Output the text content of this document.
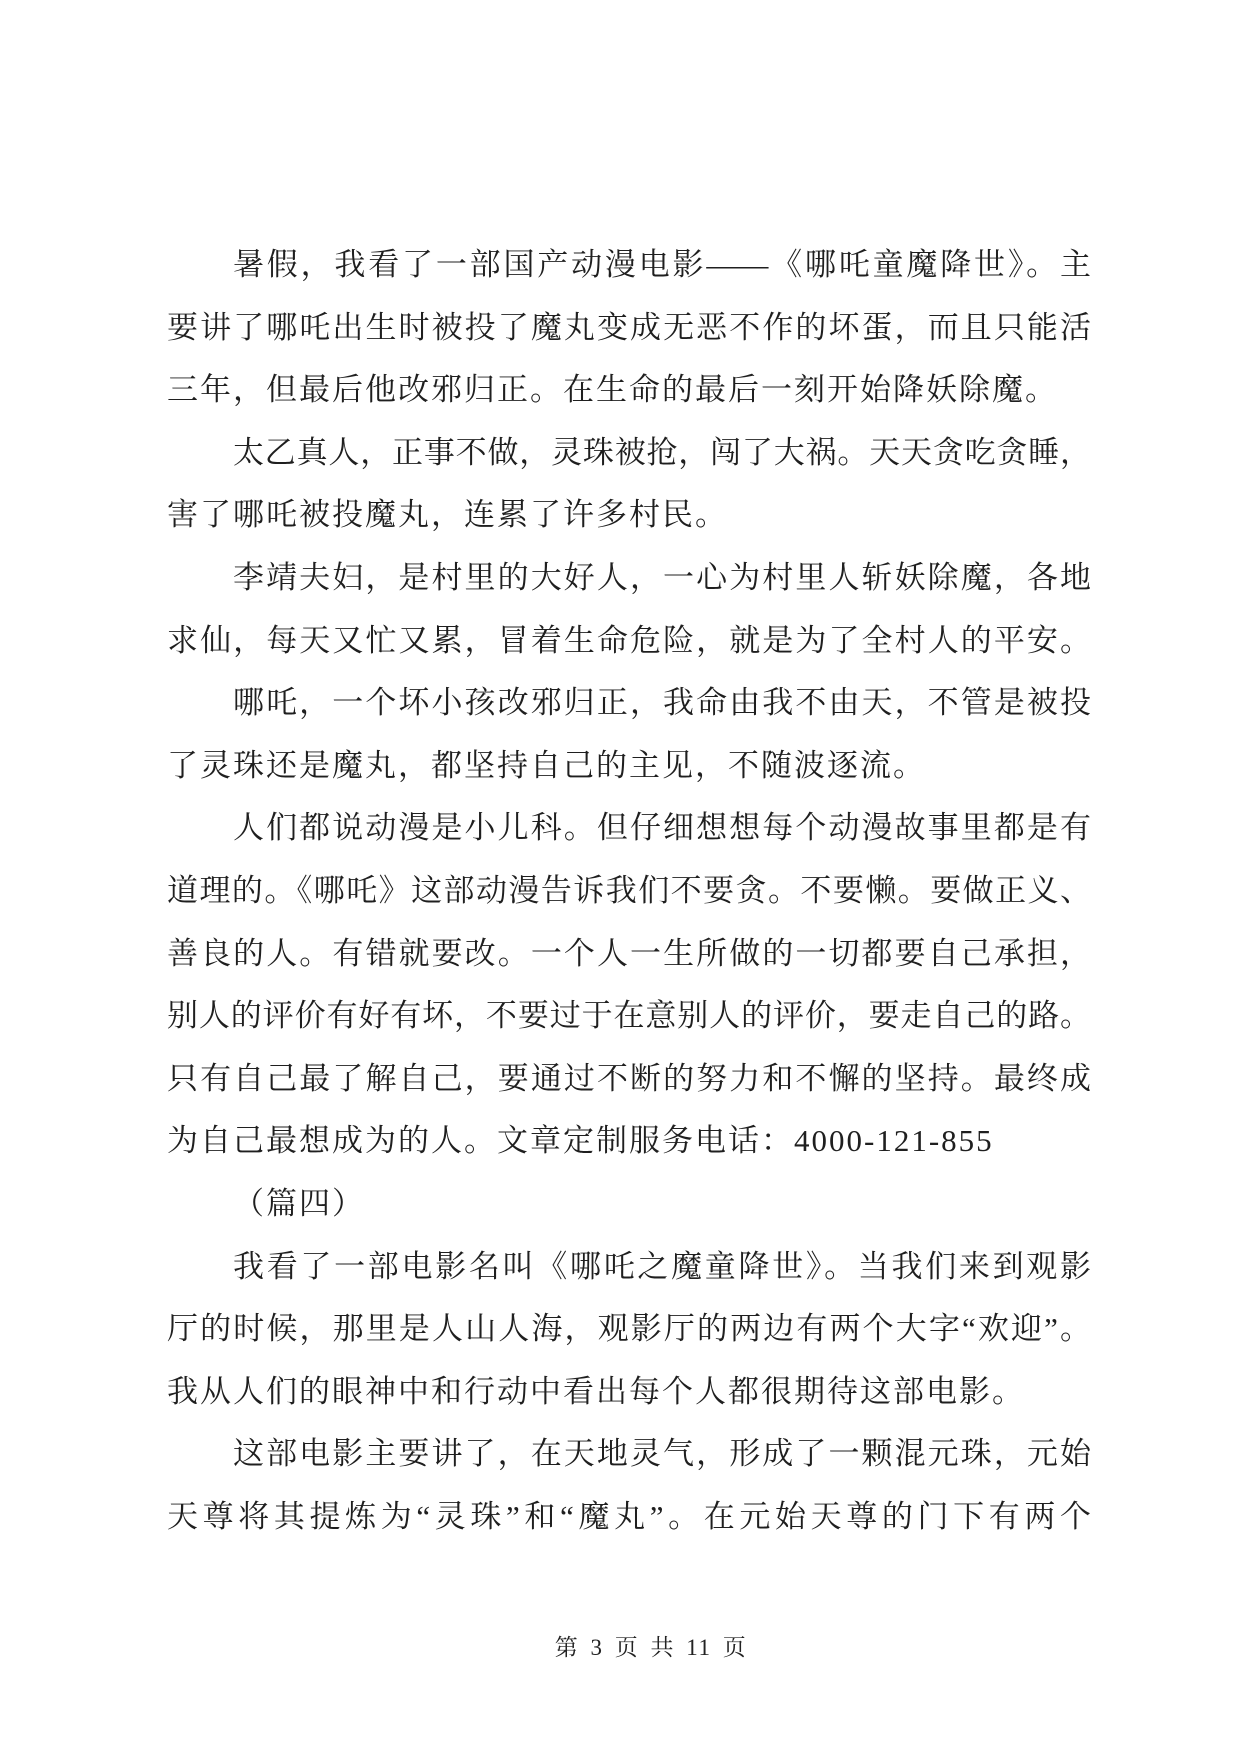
暑假，我看了一部国产动漫电影——《哪吒童魔降世》。主
要讲了哪吒出生时被投了魔丸变成无恶不作的坏蛋，而且只能活
三年，但最后他改邪归正。在生命的最后一刻开始降妖除魔。
太乙真人，正事不做，灵珠被抢，闯了大祸。天天贪吃贪睡，
害了哪吒被投魔丸，连累了许多村民。
李靖夫妇，是村里的大好人，一心为村里人斩妖除魔，各地
求仙，每天又忙又累，冒着生命危险，就是为了全村人的平安。
哪吒，一个坏小孩改邪归正，我命由我不由天，不管是被投
了灵珠还是魔丸，都坚持自己的主见，不随波逐流。
人们都说动漫是小儿科。但仔细想想每个动漫故事里都是有
道理的。《哪吒》这部动漫告诉我们不要贪。不要懒。要做正义、
善良的人。有错就要改。一个人一生所做的一切都要自己承担，
别人的评价有好有坏，不要过于在意别人的评价，要走自己的路。
只有自己最了解自己，要通过不断的努力和不懈的坚持。最终成
为自己最想成为的人。文章定制服务电话：4000-121-855
（篇四）
我看了一部电影名叫《哪吒之魔童降世》。当我们来到观影
厅的时候，那里是人山人海，观影厅的两边有两个大字“欢迎”。
我从人们的眼神中和行动中看出每个人都很期待这部电影。
这部电影主要讲了，在天地灵气，形成了一颗混元珠，元始
天尊将其提炼为“灵珠”和“魔丸”。在元始天尊的门下有两个
第 3 页 共 11 页
